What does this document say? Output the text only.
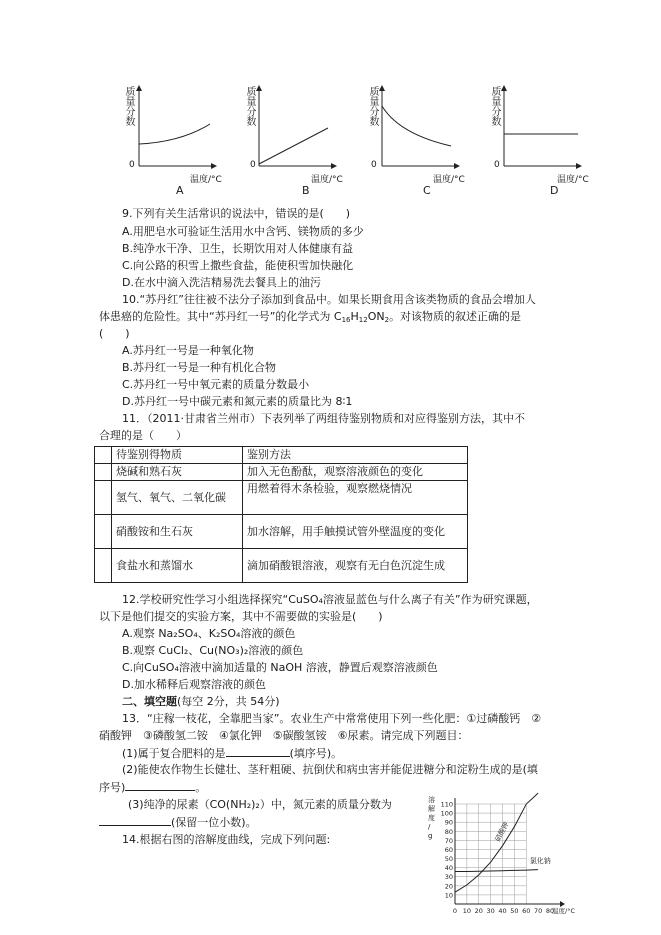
质量分数
0
温度/°C
A
质量分数
0
温度/°C
B
质量分数
0
温度/°C
C
质量分数
0
温度/°C
D
9.下列有关生活常识的说法中，错误的是(　　)
A.用肥皂水可验证生活用水中含钙、镁物质的多少
B.纯净水干净、卫生，长期饮用对人体健康有益
C.向公路的积雪上撒些食盐，能使积雪加快融化
D.在水中滴入洗洁精易洗去餐具上的油污
10.“苏丹红”往往被不法分子添加到食品中。如果长期食用含该类物质的食品会增加人
体患癌的危险性。其中“苏丹红一号”的化学式为 $C_{16}H_{12}ON_2$。对该物质的叙述正确的是
(　　)
A.苏丹红一号是一种氧化物
B.苏丹红一号是一种有机化合物
C.苏丹红一号中氧元素的质量分数最小
D.苏丹红一号中碳元素和氮元素的质量比为 8∶1
11．（2011·甘肃省兰州市）下表列举了两组待鉴别物质和对应得鉴别方法，其中不
合理的是（　　）
	待鉴别得物质	鉴别方法
	烧碱和熟石灰	加入无色酚酞，观察溶液颜色的变化
	氢气、氧气、二氧化碳	用燃着得木条检验，观察燃烧情况
	硝酸铵和生石灰	加水溶解，用手触摸试管外壁温度的变化
	食盐水和蒸馏水	滴加硝酸银溶液，观察有无白色沉淀生成
12.学校研究性学习小组选择探究“CuSO₄溶液显蓝色与什么离子有关”作为研究课题，
以下是他们提交的实验方案，其中不需要做的实验是(　　)
A.观察 Na₂SO₄、K₂SO₄溶液的颜色
B.观察 CuCl₂、Cu(NO₃)₂溶液的颜色
C.向CuSO₄溶液中滴加适量的 NaOH 溶液，静置后观察溶液颜色
D.加水稀释后观察溶液的颜色
二、填空题(每空 2分，共 54分)
13．“庄稼一枝花，全靠肥当家”。农业生产中常常使用下列一些化肥：①过磷酸钙　②
硝酸钾　③磷酸氢二铵　④氯化钾　⑤碳酸氢铵　⑥尿素。请完成下列题目：
(1)属于复合肥料的是	(填序号)。
(2)能使农作物生长健壮、茎秆粗硬、抗倒伏和病虫害并能促进糖分和淀粉生成的是(填
序号)	。
(3)纯净的尿素（CO(NH₂)₂）中，氮元素的质量分数为
(保留一位小数)。
14.根据右图的溶解度曲线，完成下列问题:
溶
解
度
/
g
10
20
30
40
50
60
70
80
90
100
110
0 10 20 30 40 50 60 70 80
温度/°C
硝酸钾
氯化钠
